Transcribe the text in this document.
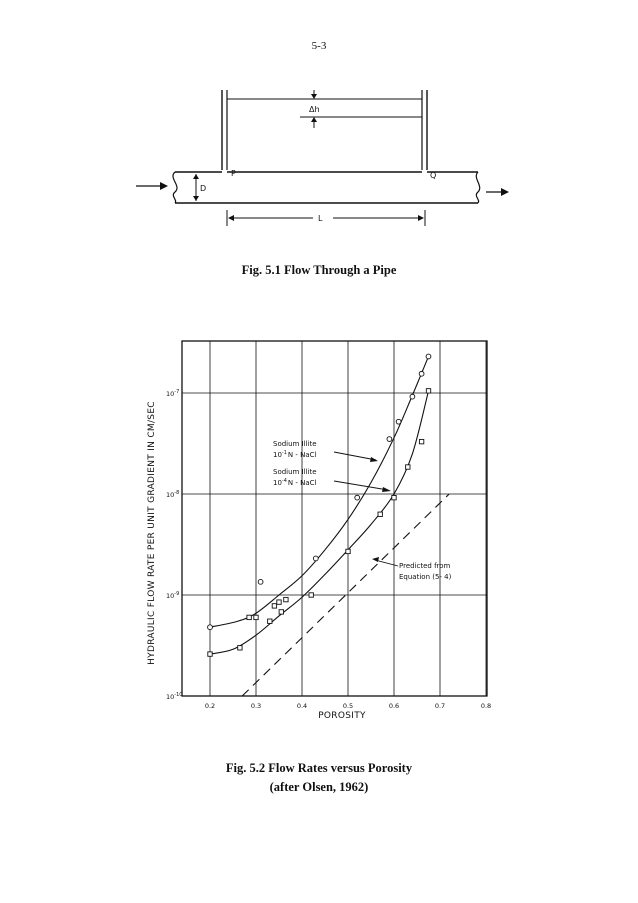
5-3
Δh
D
P	Q
L
Fig. 5.1 Flow Through a Pipe
0.2	0.3	0.4	0.5	0.6	0.7	0.8
$10^{-10}$
$10^{-9}$
$10^{-8}$
$10^{-7}$
Sodium Illite
$10^{-1}N$ - NaCl
Sodium Illite
$10^{-4}N$ - NaCl
Predicted from
Equation (5- 4)
POROSITY
HYDRAULIC FLOW RATE PER UNIT GRADIENT IN CM/SEC
Fig. 5.2 Flow Rates versus Porosity
(after Olsen, 1962)
